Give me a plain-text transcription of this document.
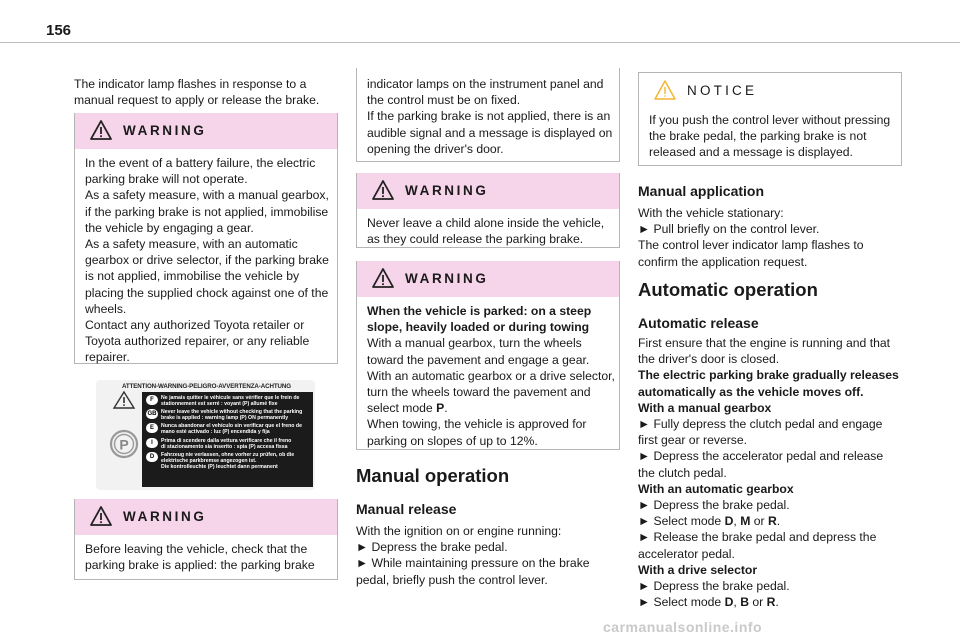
156

The indicator lamp flashes in response to a
manual request to apply or release the brake.

WARNING
In the event of a battery failure, the electric
parking brake will not operate.
As a safety measure, with a manual gearbox,
if the parking brake is not applied, immobilise
the vehicle by engaging a gear.
As a safety measure, with an automatic
gearbox or drive selector, if the parking brake
is not applied, immobilise the vehicle by
placing the supplied chock against one of the
wheels.
Contact any authorized Toyota retailer or
Toyota authorized repairer, or any reliable
repairer.
ATTENTION-WARNING-PELIGRO-AVVERTENZA-ACHTUNG
P
F	Ne jamais quitter le véhicule sans vérifier que le frein de
stationnement est serré : voyant (P) allumé fixe
GB Never leave the vehicle without checking that the parking
brake is applied : warning lamp (P) ON permanently
E	Nunca abandonar el vehículo sin verificar que el freno de
mano esté activado : luz (P) encendida y fija
I	Prima di scendere dalla vettura verificare che il freno
di stazionamento sia inserito : spia (P) accesa fissa
D	Fahrzeug nie verlassen, ohne vorher zu prüfen, ob die
elektrische parkbremse angezogen ist.
Die kontrolleuchte (P) leuchtet dann permanent
WARNING
Before leaving the vehicle, check that the
parking brake is applied: the parking brake
indicator lamps on the instrument panel and
the control must be on fixed.
If the parking brake is not applied, there is an
audible signal and a message is displayed on
opening the driver's door.
WARNING
Never leave a child alone inside the vehicle,
as they could release the parking brake.
WARNING
When the vehicle is parked: on a steep
slope, heavily loaded or during towing
With a manual gearbox, turn the wheels
toward the pavement and engage a gear.
With an automatic gearbox or a drive selector,
turn the wheels toward the pavement and
select mode P.
When towing, the vehicle is approved for
parking on slopes of up to 12%.
Manual operation
Manual release

With the ignition on or engine running:
► Depress the brake pedal.
► While maintaining pressure on the brake
pedal, briefly push the control lever.

NOTICE
If you push the control lever without pressing
the brake pedal, the parking brake is not
released and a message is displayed.
Manual application

With the vehicle stationary:
► Pull briefly on the control lever.
The control lever indicator lamp flashes to
confirm the application request.

Automatic operation
Automatic release

First ensure that the engine is running and that
the driver's door is closed.
The electric parking brake gradually releases
automatically as the vehicle moves off.
With a manual gearbox
► Fully depress the clutch pedal and engage
first gear or reverse.
► Depress the accelerator pedal and release
the clutch pedal.
With an automatic gearbox
► Depress the brake pedal.
► Select mode D, M or R.
► Release the brake pedal and depress the
accelerator pedal.
With a drive selector
► Depress the brake pedal.
► Select mode D, B or R.

carmanualsonline.info
